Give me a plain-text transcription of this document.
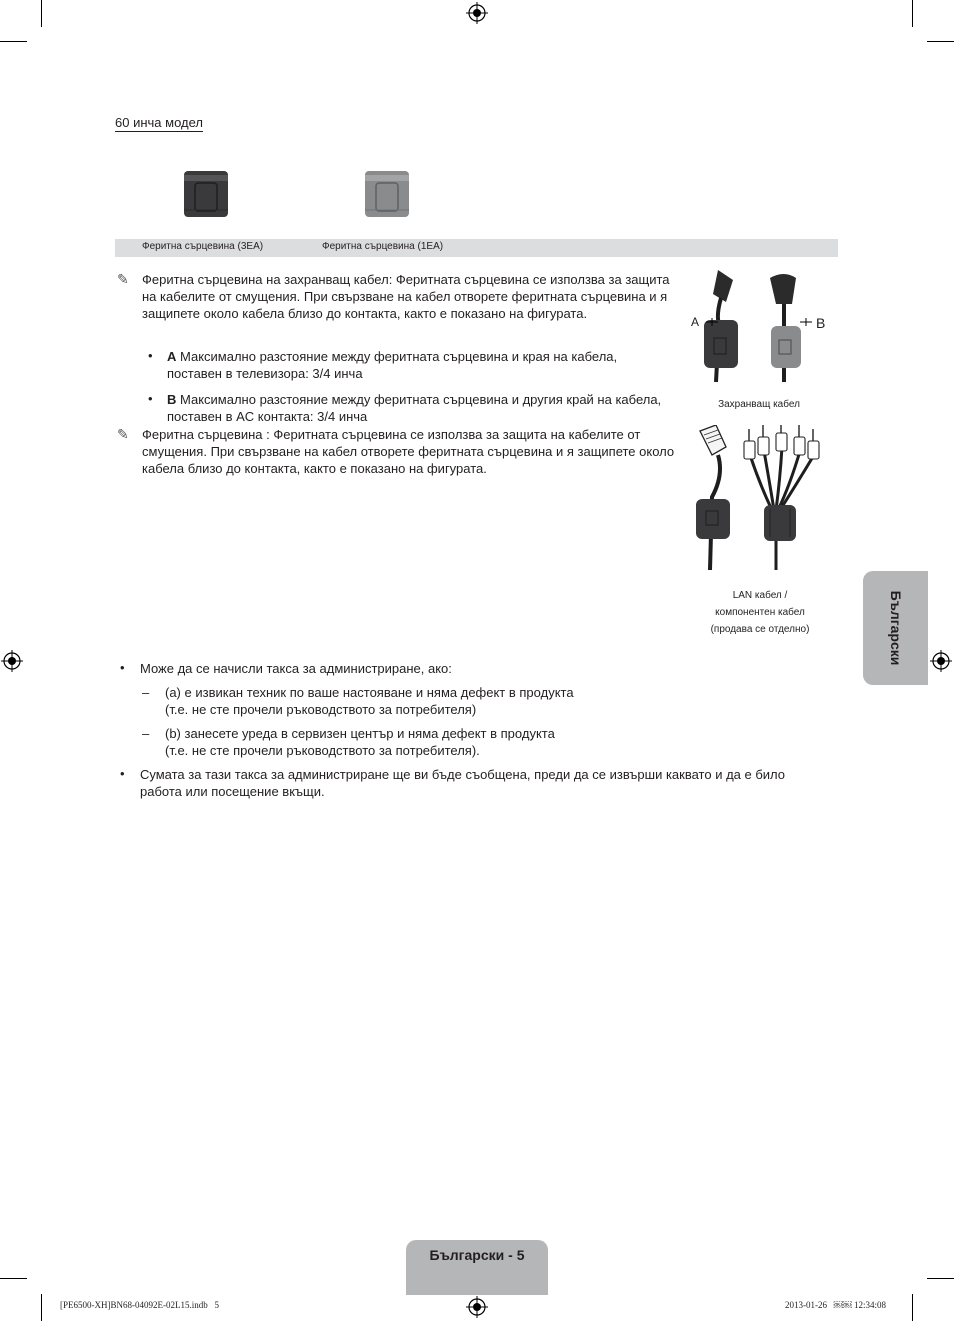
60 инча модел
Феритна сърцевина (3EA)	Феритна сърцевина (1EA)
✎ Феритна сърцевина на захранващ кабел: Феритната сърцевина се използва за защита на кабелите от смущения. При свързване на кабел отворете феритната сърцевина и я защипете около кабела близо до контакта, както е показано на фигурата.
• A Максимално разстояние между феритната сърцевина и края на кабела, поставен в телевизора: 3/4 инча
• B Максимално разстояние между феритната сърцевина и другия край на кабела, поставен в AC контакта: 3/4 инча
✎ Феритна сърцевина : Феритната сърцевина се използва за защита на кабелите от смущения. При свързване на кабел отворете феритната сърцевина и я защипете около кабела близо до контакта, както е показано на фигурата.
A	B
Захранващ кабел
LAN кабел /
компонентен кабел
(продава се отделно)	Български
• Може да се начисли такса за администриране, ако:
– (a) е извикан техник по ваше настояване и няма дефект в продукта
(т.е. не сте прочели ръководството за потребителя)
– (b) занесете уреда в сервизен център и няма дефект в продукта
(т.е. не сте прочели ръководството за потребителя).
• Сумата за тази такса за администриране ще ви бъде съобщена, преди да се извърши каквато и да е било работа или посещение вкъщи.
Български - 5
[PE6500-XH]BN68-04092E-02L15.indb   5	2013-01-26   ￼￼ 12:34:08
